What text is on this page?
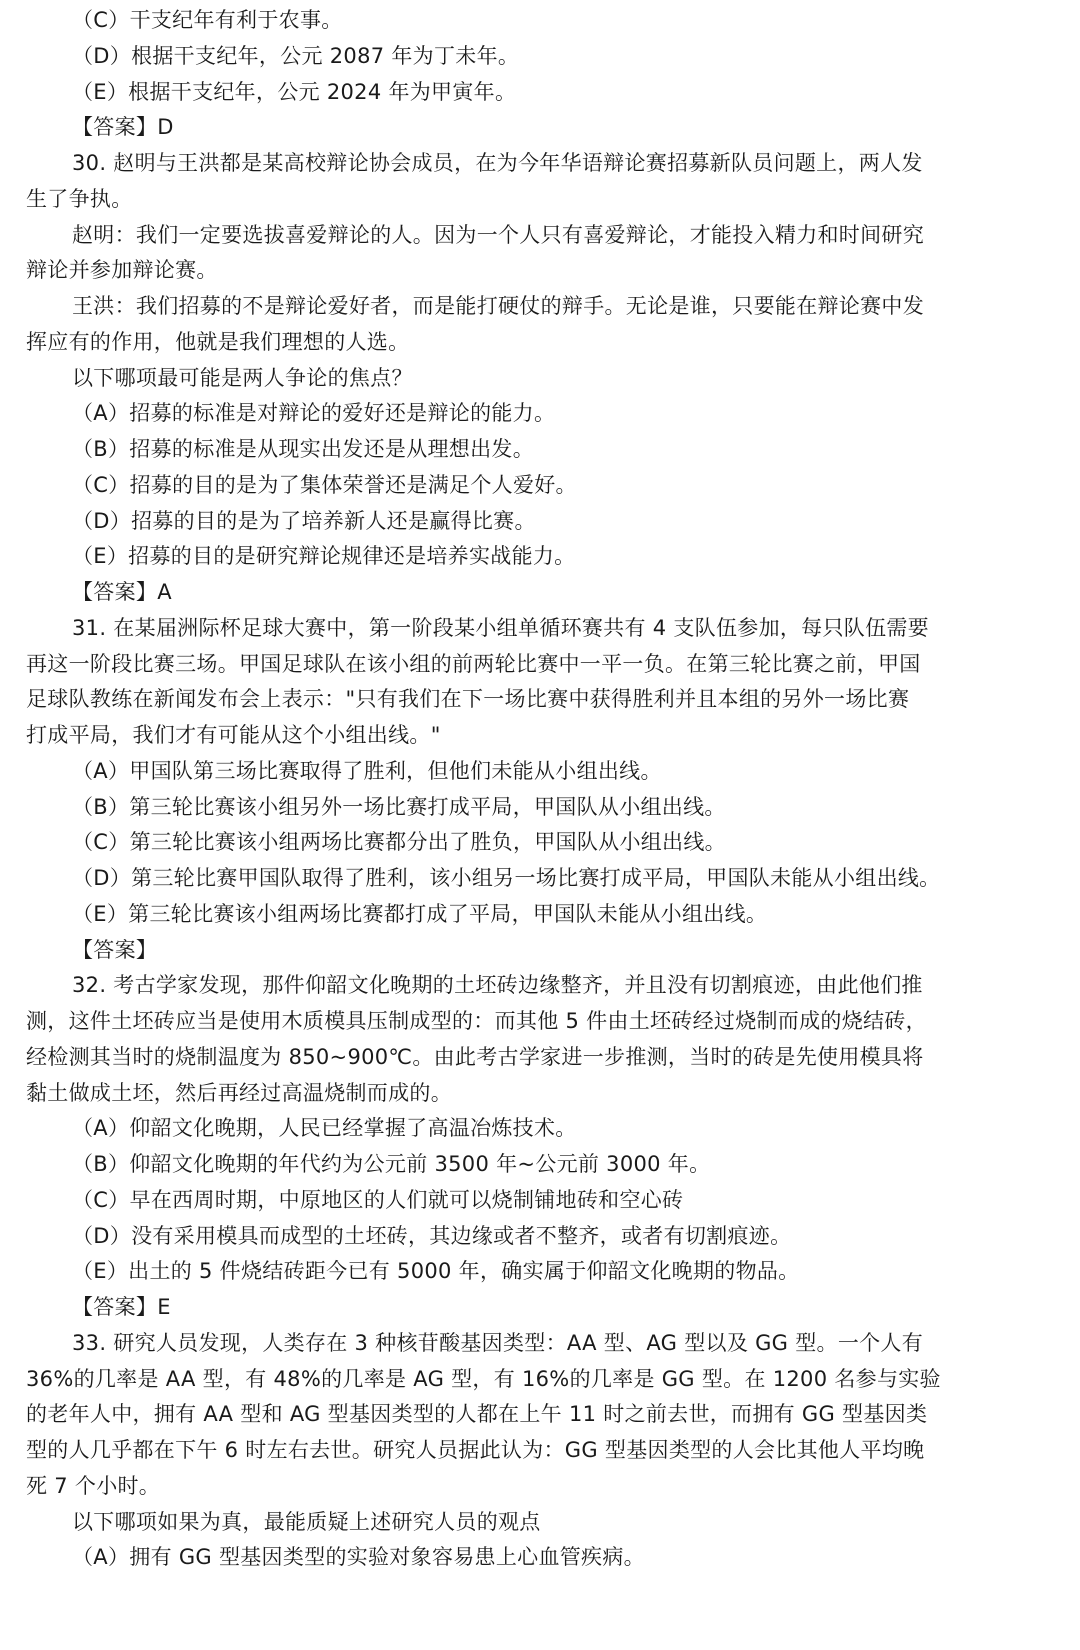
（C）干支纪年有利于农事。
（D）根据干支纪年，公元 2087 年为丁未年。
（E）根据干支纪年，公元 2024 年为甲寅年。
【答案】D
30. 赵明与王洪都是某高校辩论协会成员，在为今年华语辩论赛招募新队员问题上，两人发
生了争执。
赵明：我们一定要选拔喜爱辩论的人。因为一个人只有喜爱辩论，才能投入精力和时间研究
辩论并参加辩论赛。
王洪：我们招募的不是辩论爱好者，而是能打硬仗的辩手。无论是谁，只要能在辩论赛中发
挥应有的作用，他就是我们理想的人选。
以下哪项最可能是两人争论的焦点？
（A）招募的标准是对辩论的爱好还是辩论的能力。
（B）招募的标准是从现实出发还是从理想出发。
（C）招募的目的是为了集体荣誉还是满足个人爱好。
（D）招募的目的是为了培养新人还是赢得比赛。
（E）招募的目的是研究辩论规律还是培养实战能力。
【答案】A
31. 在某届洲际杯足球大赛中，第一阶段某小组单循环赛共有 4 支队伍参加，每只队伍需要
再这一阶段比赛三场。甲国足球队在该小组的前两轮比赛中一平一负。在第三轮比赛之前，甲国
足球队教练在新闻发布会上表示："只有我们在下一场比赛中获得胜利并且本组的另外一场比赛
打成平局，我们才有可能从这个小组出线。"
（A）甲国队第三场比赛取得了胜利，但他们未能从小组出线。
（B）第三轮比赛该小组另外一场比赛打成平局，甲国队从小组出线。
（C）第三轮比赛该小组两场比赛都分出了胜负，甲国队从小组出线。
（D）第三轮比赛甲国队取得了胜利，该小组另一场比赛打成平局，甲国队未能从小组出线。
（E）第三轮比赛该小组两场比赛都打成了平局，甲国队未能从小组出线。
【答案】
32. 考古学家发现，那件仰韶文化晚期的土坯砖边缘整齐，并且没有切割痕迹，由此他们推
测，这件土坯砖应当是使用木质模具压制成型的：而其他 5 件由土坯砖经过烧制而成的烧结砖，
经检测其当时的烧制温度为 850~900℃。由此考古学家进一步推测，当时的砖是先使用模具将
黏土做成土坯，然后再经过高温烧制而成的。
（A）仰韶文化晚期，人民已经掌握了高温冶炼技术。
（B）仰韶文化晚期的年代约为公元前 3500 年~公元前 3000 年。
（C）早在西周时期，中原地区的人们就可以烧制铺地砖和空心砖
（D）没有采用模具而成型的土坯砖，其边缘或者不整齐，或者有切割痕迹。
（E）出土的 5 件烧结砖距今已有 5000 年，确实属于仰韶文化晚期的物品。
【答案】E
33. 研究人员发现，人类存在 3 种核苷酸基因类型：AA 型、AG 型以及 GG 型。一个人有
36%的几率是 AA 型，有 48%的几率是 AG 型，有 16%的几率是 GG 型。在 1200 名参与实验
的老年人中，拥有 AA 型和 AG 型基因类型的人都在上午 11 时之前去世，而拥有 GG 型基因类
型的人几乎都在下午 6 时左右去世。研究人员据此认为：GG 型基因类型的人会比其他人平均晚
死 7 个小时。
以下哪项如果为真，最能质疑上述研究人员的观点
（A）拥有 GG 型基因类型的实验对象容易患上心血管疾病。
